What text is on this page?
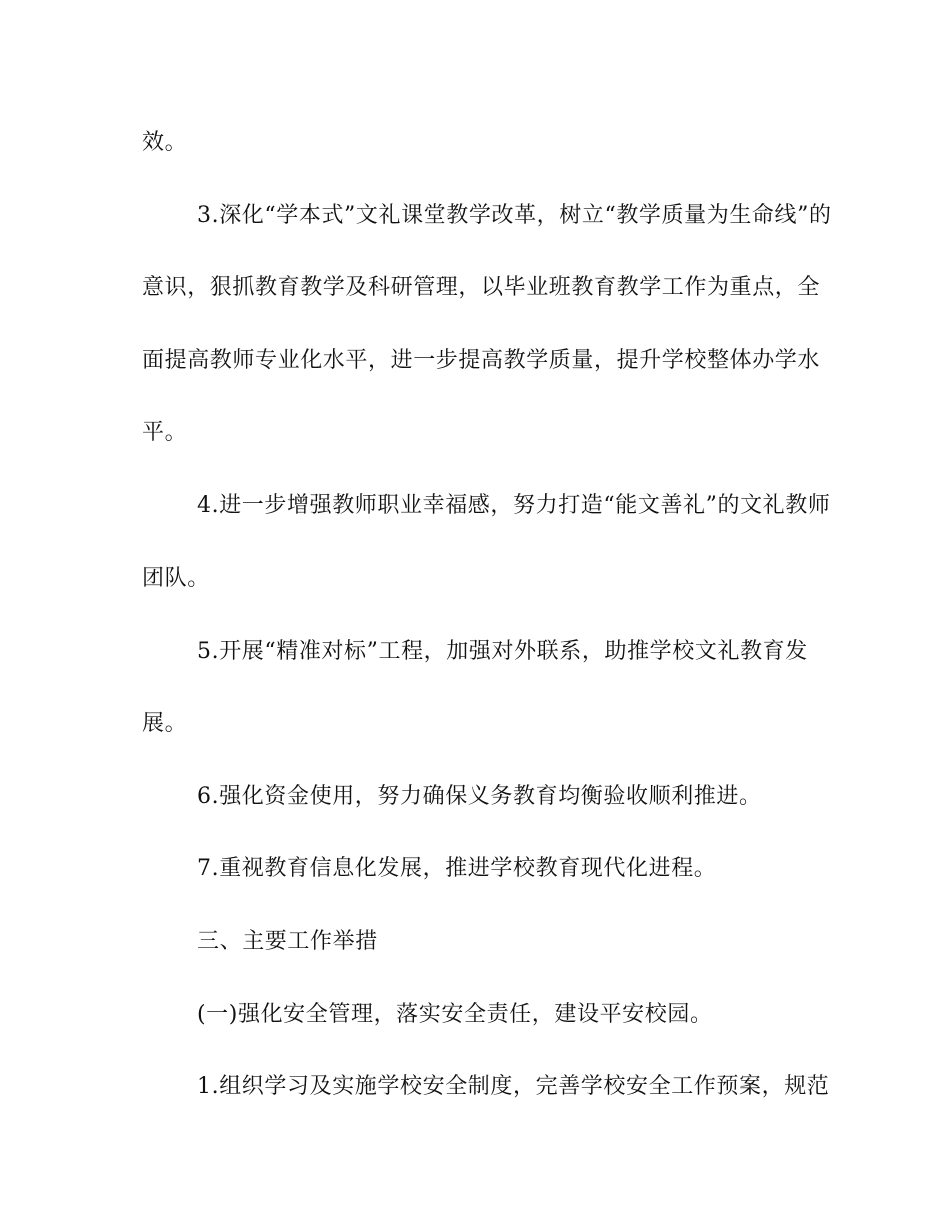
效。
3.深化“学本式”文礼课堂教学改革，树立“教学质量为生命线”的
意识，狠抓教育教学及科研管理，以毕业班教育教学工作为重点，全
面提高教师专业化水平，进一步提高教学质量，提升学校整体办学水
平。
4.进一步增强教师职业幸福感，努力打造“能文善礼”的文礼教师
团队。
5.开展“精准对标”工程，加强对外联系，助推学校文礼教育发
展。
6.强化资金使用，努力确保义务教育均衡验收顺利推进。
7.重视教育信息化发展，推进学校教育现代化进程。
三、主要工作举措
(一)强化安全管理，落实安全责任，建设平安校园。
1.组织学习及实施学校安全制度，完善学校安全工作预案，规范
